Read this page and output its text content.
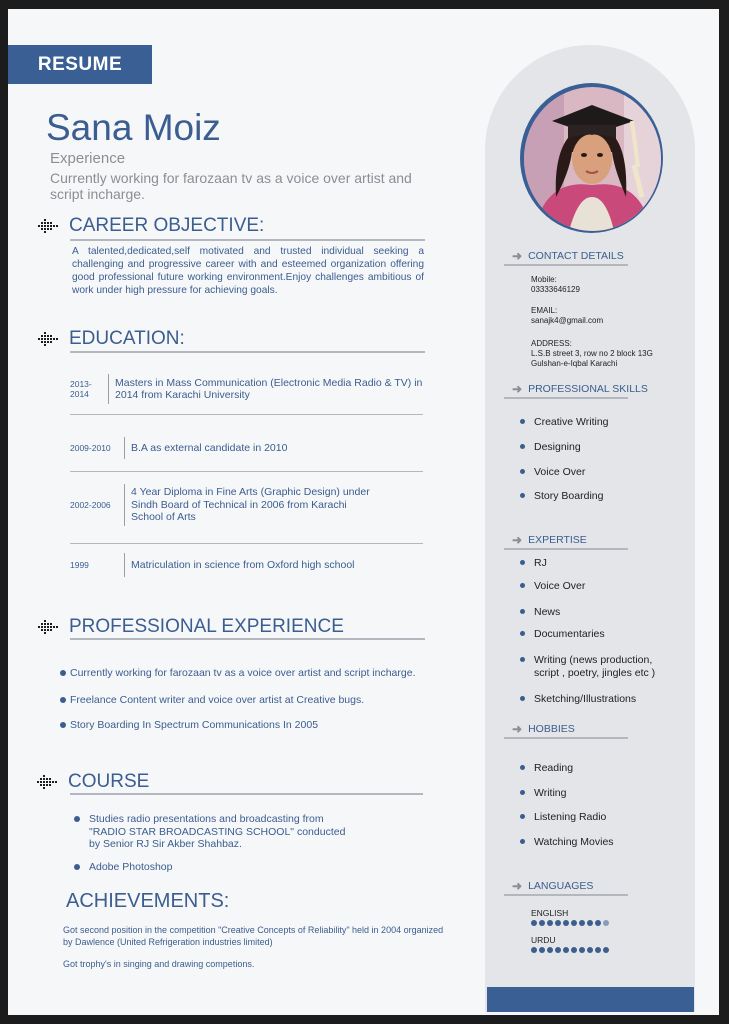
RESUME
Sana Moiz
Experience
Currently working for farozaan tv as a voice over artist and script incharge.
CAREER OBJECTIVE:
A talented,dedicated,self motivated and trusted individual seeking a challenging and progressive career with and esteemed organization offering good professional future working environment.Enjoy challenges ambitious of work under high pressure for achieving goals.
EDUCATION:
2013-2014
Masters in Mass Communication (Electronic Media Radio & TV) in 2014 from Karachi University
2009-2010	B.A as external candidate in 2010
2002-2006
4 Year Diploma in Fine Arts (Graphic Design) under Sindh Board of Technical in 2006 from Karachi School of Arts
1999	Matriculation in science from Oxford high school
PROFESSIONAL EXPERIENCE
Currently working for farozaan tv as a voice over artist and script incharge.
Freelance Content writer and voice over artist at Creative bugs.
Story Boarding In Spectrum Communications In 2005
COURSE
Studies radio presentations and broadcasting from "RADIO STAR BROADCASTING SCHOOL" conducted by Senior RJ Sir Akber Shahbaz.
Adobe Photoshop
ACHIEVEMENTS:
Got second position in the competition "Creative Concepts of Reliability" held in 2004 organized by Dawlence (United Refrigeration industries limited)
Got trophy's in singing and drawing competions.
➜ CONTACT DETAILS
Mobile:
03333646129
EMAIL:
sanajk4@gmail.com
ADDRESS:
L.S.B street 3, row no 2 block 13G
Gulshan-e-Iqbal Karachi
➜ PROFESSIONAL SKILLS
Creative Writing
Designing
Voice Over
Story Boarding
➜ EXPERTISE
RJ
Voice Over
News
Documentaries
Writing (news production, script , poetry, jingles etc )
Sketching/Illustrations
➜ HOBBIES
Reading
Writing
Listening Radio
Watching Movies
➜ LANGUAGES
ENGLISH
URDU
